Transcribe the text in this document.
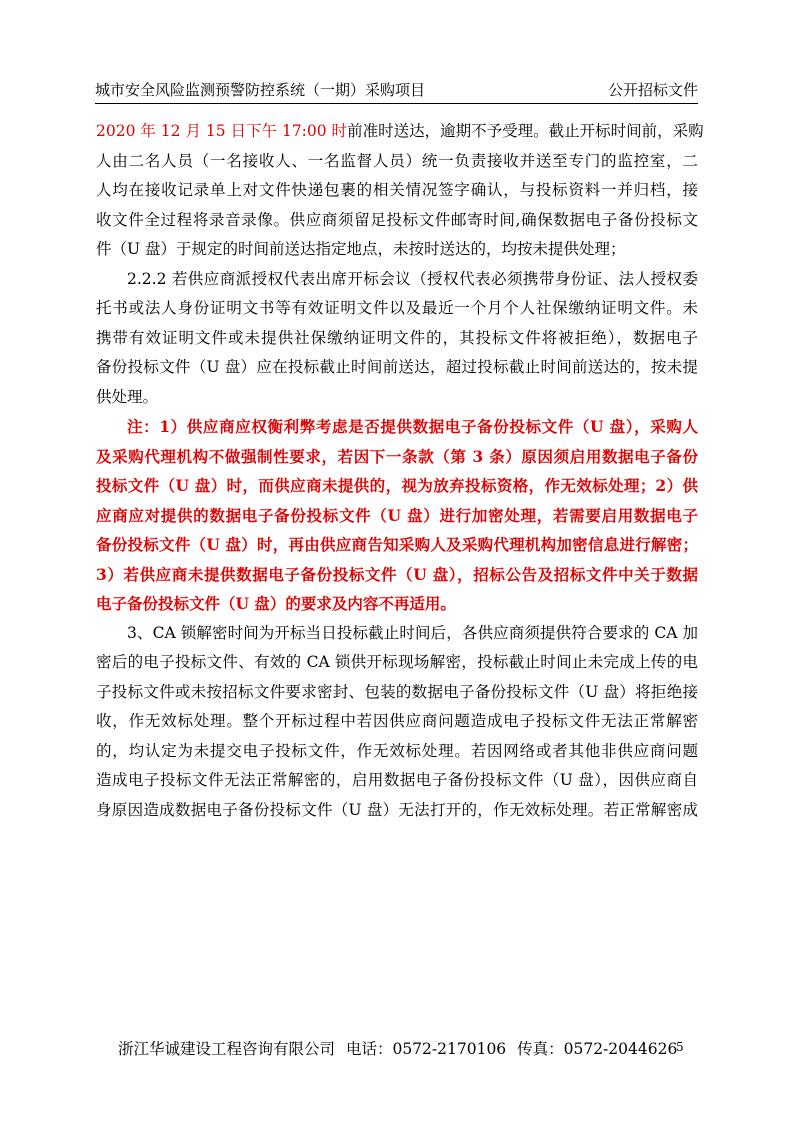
城市安全风险监测预警防控系统（一期）采购项目	公开招标文件
2020 年 12 月 15 日下午 17:00 时前准时送达，逾期不予受理。截止开标时间前，采购
人由二名人员（一名接收人、一名监督人员）统一负责接收并送至专门的监控室，二
人均在接收记录单上对文件快递包裹的相关情况签字确认，与投标资料一并归档，接
收文件全过程将录音录像。供应商须留足投标文件邮寄时间,确保数据电子备份投标文
件（U 盘）于规定的时间前送达指定地点，未按时送达的，均按未提供处理；
2.2.2 若供应商派授权代表出席开标会议（授权代表必须携带身份证、法人授权委
托书或法人身份证明文书等有效证明文件以及最近一个月个人社保缴纳证明文件。未
携带有效证明文件或未提供社保缴纳证明文件的，其投标文件将被拒绝），数据电子
备份投标文件（U 盘）应在投标截止时间前送达，超过投标截止时间前送达的，按未提
供处理。
注：1）供应商应权衡利弊考虑是否提供数据电子备份投标文件（U 盘），采购人
及采购代理机构不做强制性要求，若因下一条款（第 3 条）原因须启用数据电子备份
投标文件（U 盘）时，而供应商未提供的，视为放弃投标资格，作无效标处理；2）供
应商应对提供的数据电子备份投标文件（U 盘）进行加密处理，若需要启用数据电子
备份投标文件（U 盘）时，再由供应商告知采购人及采购代理机构加密信息进行解密；
3）若供应商未提供数据电子备份投标文件（U 盘），招标公告及招标文件中关于数据
电子备份投标文件（U 盘）的要求及内容不再适用。
3、CA 锁解密时间为开标当日投标截止时间后，各供应商须提供符合要求的 CA 加
密后的电子投标文件、有效的 CA 锁供开标现场解密，投标截止时间止未完成上传的电
子投标文件或未按招标文件要求密封、包装的数据电子备份投标文件（U 盘）将拒绝接
收，作无效标处理。整个开标过程中若因供应商问题造成电子投标文件无法正常解密
的，均认定为未提交电子投标文件，作无效标处理。若因网络或者其他非供应商问题
造成电子投标文件无法正常解密的，启用数据电子备份投标文件（U 盘），因供应商自
身原因造成数据电子备份投标文件（U 盘）无法打开的，作无效标处理。若正常解密成
浙江华诚建设工程咨询有限公司 电话：0572-2170106 传真：0572-2044626
5
